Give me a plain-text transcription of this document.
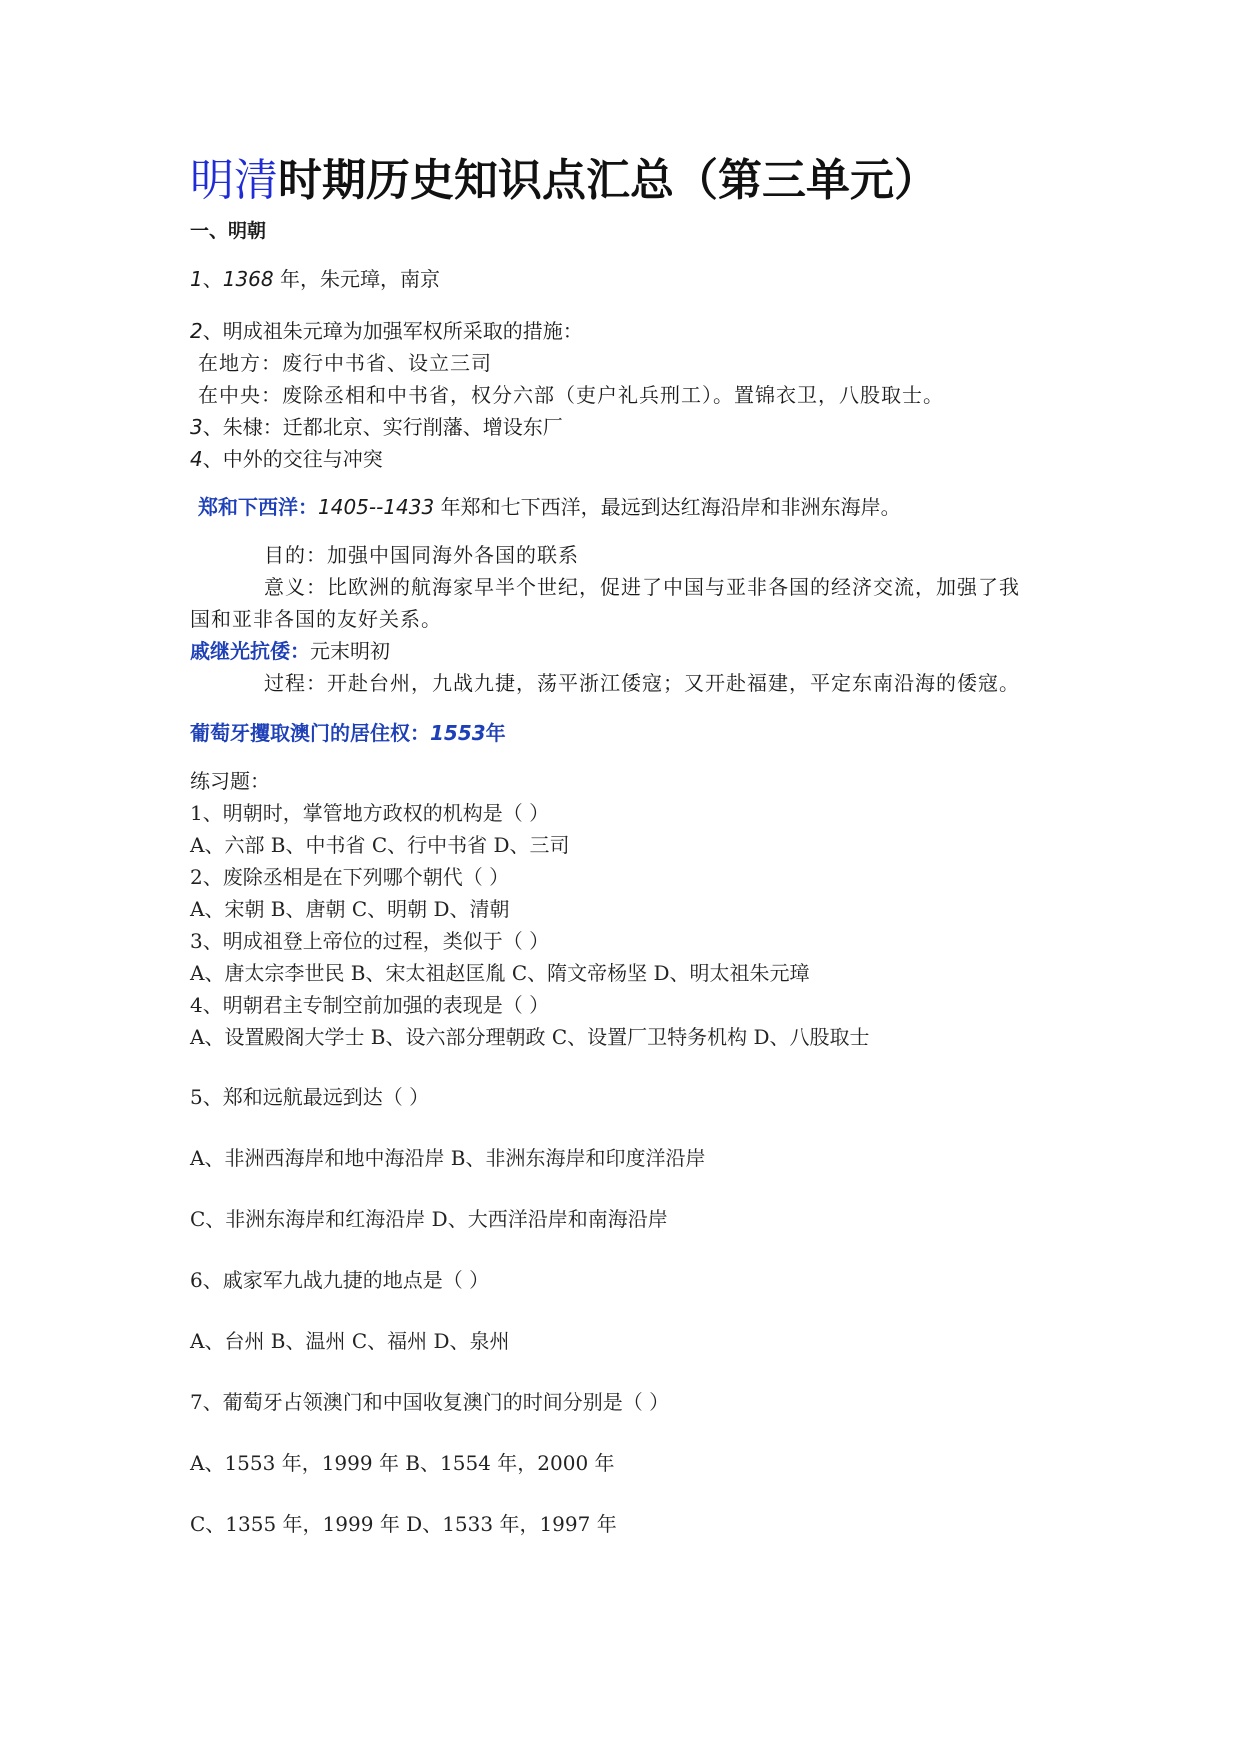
明清时期历史知识点汇总（第三单元）
一、明朝
1、1368 年，朱元璋，南京
2、明成祖朱元璋为加强军权所采取的措施：
在地方：废行中书省、设立三司
在中央：废除丞相和中书省，权分六部（吏户礼兵刑工）。置锦衣卫，八股取士。
3、朱棣：迁都北京、实行削藩、增设东厂
4、中外的交往与冲突
郑和下西洋：1405--1433 年郑和七下西洋，最远到达红海沿岸和非洲东海岸。
目的：加强中国同海外各国的联系
意义：比欧洲的航海家早半个世纪，促进了中国与亚非各国的经济交流，加强了我
国和亚非各国的友好关系。
戚继光抗倭：元末明初
过程：开赴台州，九战九捷，荡平浙江倭寇；又开赴福建，平定东南沿海的倭寇。
葡萄牙攫取澳门的居住权：1553年
练习题：
1、明朝时，掌管地方政权的机构是（ ）
A、六部 B、中书省 C、行中书省 D、三司
2、废除丞相是在下列哪个朝代（ ）
A、宋朝 B、唐朝 C、明朝 D、清朝
3、明成祖登上帝位的过程，类似于（ ）
A、唐太宗李世民 B、宋太祖赵匡胤 C、隋文帝杨坚 D、明太祖朱元璋
4、明朝君主专制空前加强的表现是（ ）
A、设置殿阁大学士 B、设六部分理朝政 C、设置厂卫特务机构 D、八股取士
5、郑和远航最远到达（ ）
A、非洲西海岸和地中海沿岸 B、非洲东海岸和印度洋沿岸
C、非洲东海岸和红海沿岸 D、大西洋沿岸和南海沿岸
6、戚家军九战九捷的地点是（ ）
A、台州 B、温州 C、福州 D、泉州
7、葡萄牙占领澳门和中国收复澳门的时间分别是（ ）
A、1553 年，1999 年 B、1554 年，2000 年
C、1355 年，1999 年 D、1533 年，1997 年
